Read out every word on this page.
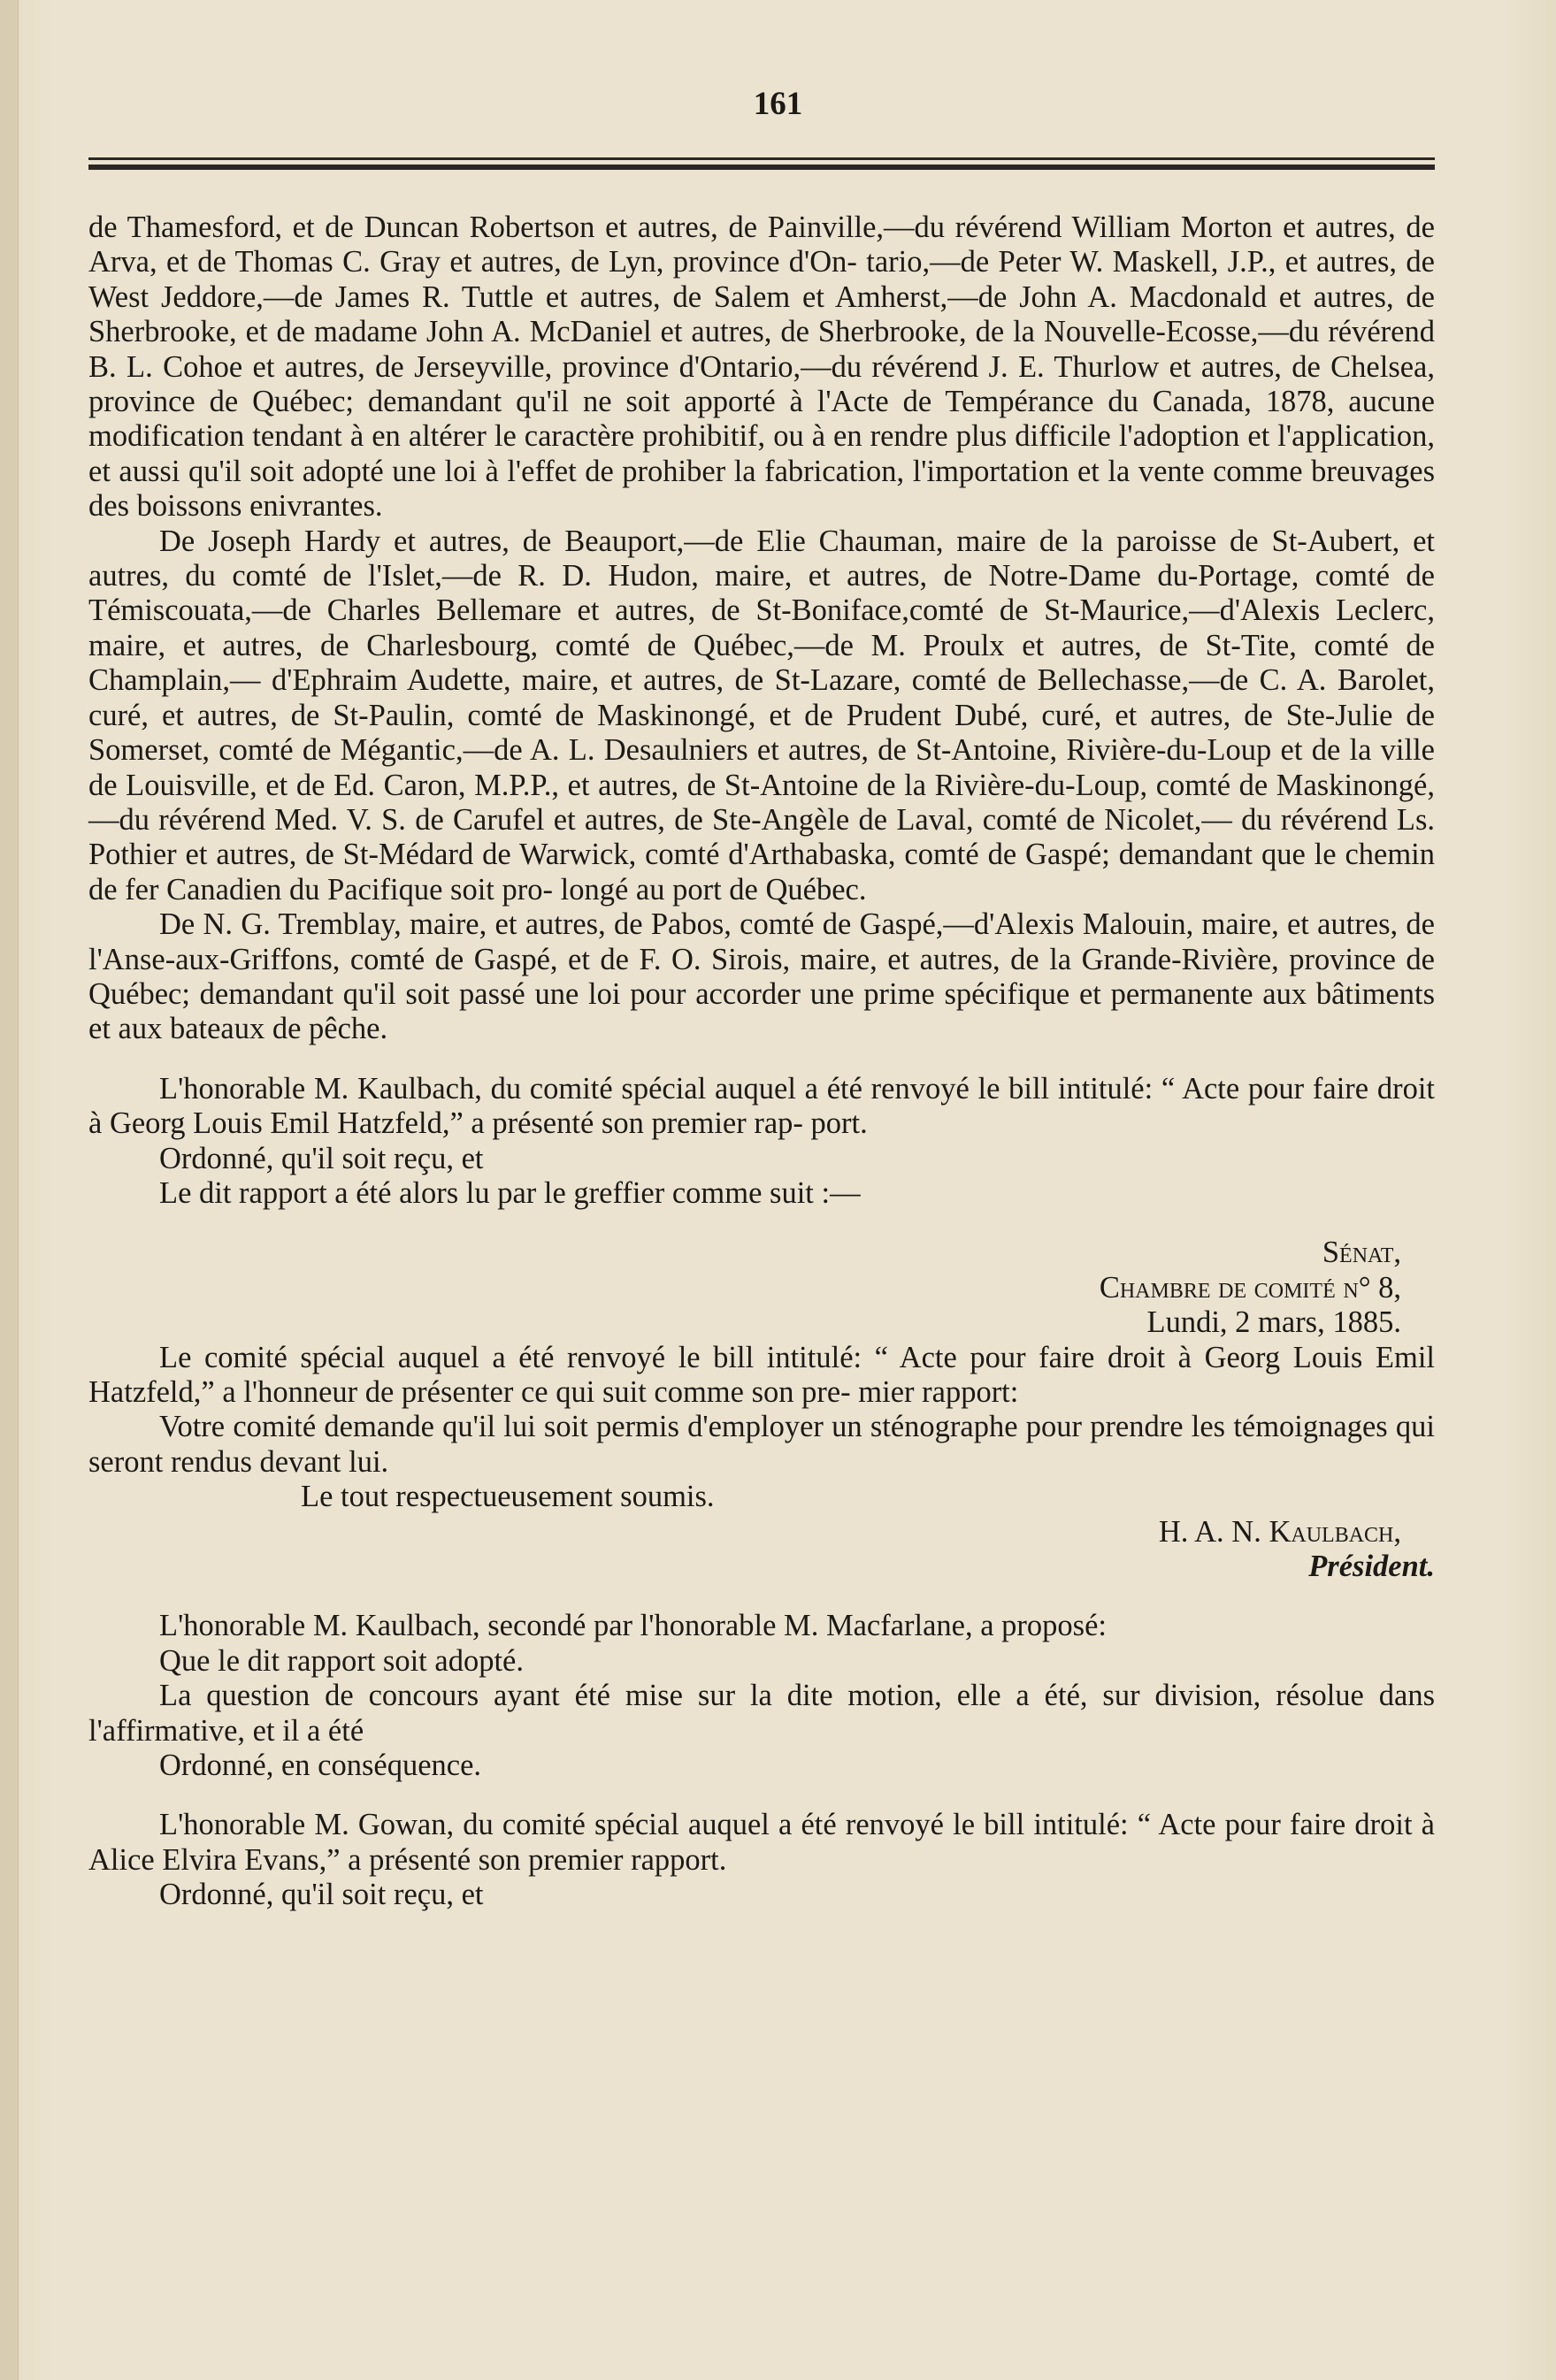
161

de Thamesford, et de Duncan Robertson et autres, de Painville,—du révérend William Morton et autres, de Arva, et de Thomas C. Gray et autres, de Lyn, province d'On- tario,—de Peter W. Maskell, J.P., et autres, de West Jeddore,—de James R. Tuttle et autres, de Salem et Amherst,—de John A. Macdonald et autres, de Sherbrooke, et de madame John A. McDaniel et autres, de Sherbrooke, de la Nouvelle-Ecosse,—du révérend B. L. Cohoe et autres, de Jerseyville, province d'Ontario,—du révérend J. E. Thurlow et autres, de Chelsea, province de Québec; demandant qu'il ne soit apporté à l'Acte de Tempérance du Canada, 1878, aucune modification tendant à en altérer le caractère prohibitif, ou à en rendre plus difficile l'adoption et l'application, et aussi qu'il soit adopté une loi à l'effet de prohiber la fabrication, l'importation et la vente comme breuvages des boissons enivrantes.

De Joseph Hardy et autres, de Beauport,—de Elie Chauman, maire de la paroisse de St-Aubert, et autres, du comté de l'Islet,—de R. D. Hudon, maire, et autres, de Notre-Dame du-Portage, comté de Témiscouata,—de Charles Bellemare et autres, de St-Boniface,comté de St-Maurice,—d'Alexis Leclerc, maire, et autres, de Charlesbourg, comté de Québec,—de M. Proulx et autres, de St-Tite, comté de Champlain,— d'Ephraim Audette, maire, et autres, de St-Lazare, comté de Bellechasse,—de C. A. Barolet, curé, et autres, de St-Paulin, comté de Maskinongé, et de Prudent Dubé, curé, et autres, de Ste-Julie de Somerset, comté de Mégantic,—de A. L. Desaulniers et autres, de St-Antoine, Rivière-du-Loup et de la ville de Louisville, et de Ed. Caron, M.P.P., et autres, de St-Antoine de la Rivière-du-Loup, comté de Maskinongé,—du révérend Med. V. S. de Carufel et autres, de Ste-Angèle de Laval, comté de Nicolet,— du révérend Ls. Pothier et autres, de St-Médard de Warwick, comté d'Arthabaska, comté de Gaspé; demandant que le chemin de fer Canadien du Pacifique soit pro- longé au port de Québec.

De N. G. Tremblay, maire, et autres, de Pabos, comté de Gaspé,—d'Alexis Malouin, maire, et autres, de l'Anse-aux-Griffons, comté de Gaspé, et de F. O. Sirois, maire, et autres, de la Grande-Rivière, province de Québec; demandant qu'il soit passé une loi pour accorder une prime spécifique et permanente aux bâtiments et aux bateaux de pêche.

L'honorable M. Kaulbach, du comité spécial auquel a été renvoyé le bill intitulé: “ Acte pour faire droit à Georg Louis Emil Hatzfeld,” a présenté son premier rap- port.

Ordonné, qu'il soit reçu, et

Le dit rapport a été alors lu par le greffier comme suit :—

Sénat,
Chambre de comité n° 8,
Lundi, 2 mars, 1885.

Le comité spécial auquel a été renvoyé le bill intitulé: “ Acte pour faire droit à Georg Louis Emil Hatzfeld,” a l'honneur de présenter ce qui suit comme son pre- mier rapport:

Votre comité demande qu'il lui soit permis d'employer un sténographe pour prendre les témoignages qui seront rendus devant lui.

Le tout respectueusement soumis.

H. A. N. Kaulbach,
Président.

L'honorable M. Kaulbach, secondé par l'honorable M. Macfarlane, a proposé:

Que le dit rapport soit adopté.

La question de concours ayant été mise sur la dite motion, elle a été, sur division, résolue dans l'affirmative, et il a été

Ordonné, en conséquence.

L'honorable M. Gowan, du comité spécial auquel a été renvoyé le bill intitulé: “ Acte pour faire droit à Alice Elvira Evans,” a présenté son premier rapport.

Ordonné, qu'il soit reçu, et
